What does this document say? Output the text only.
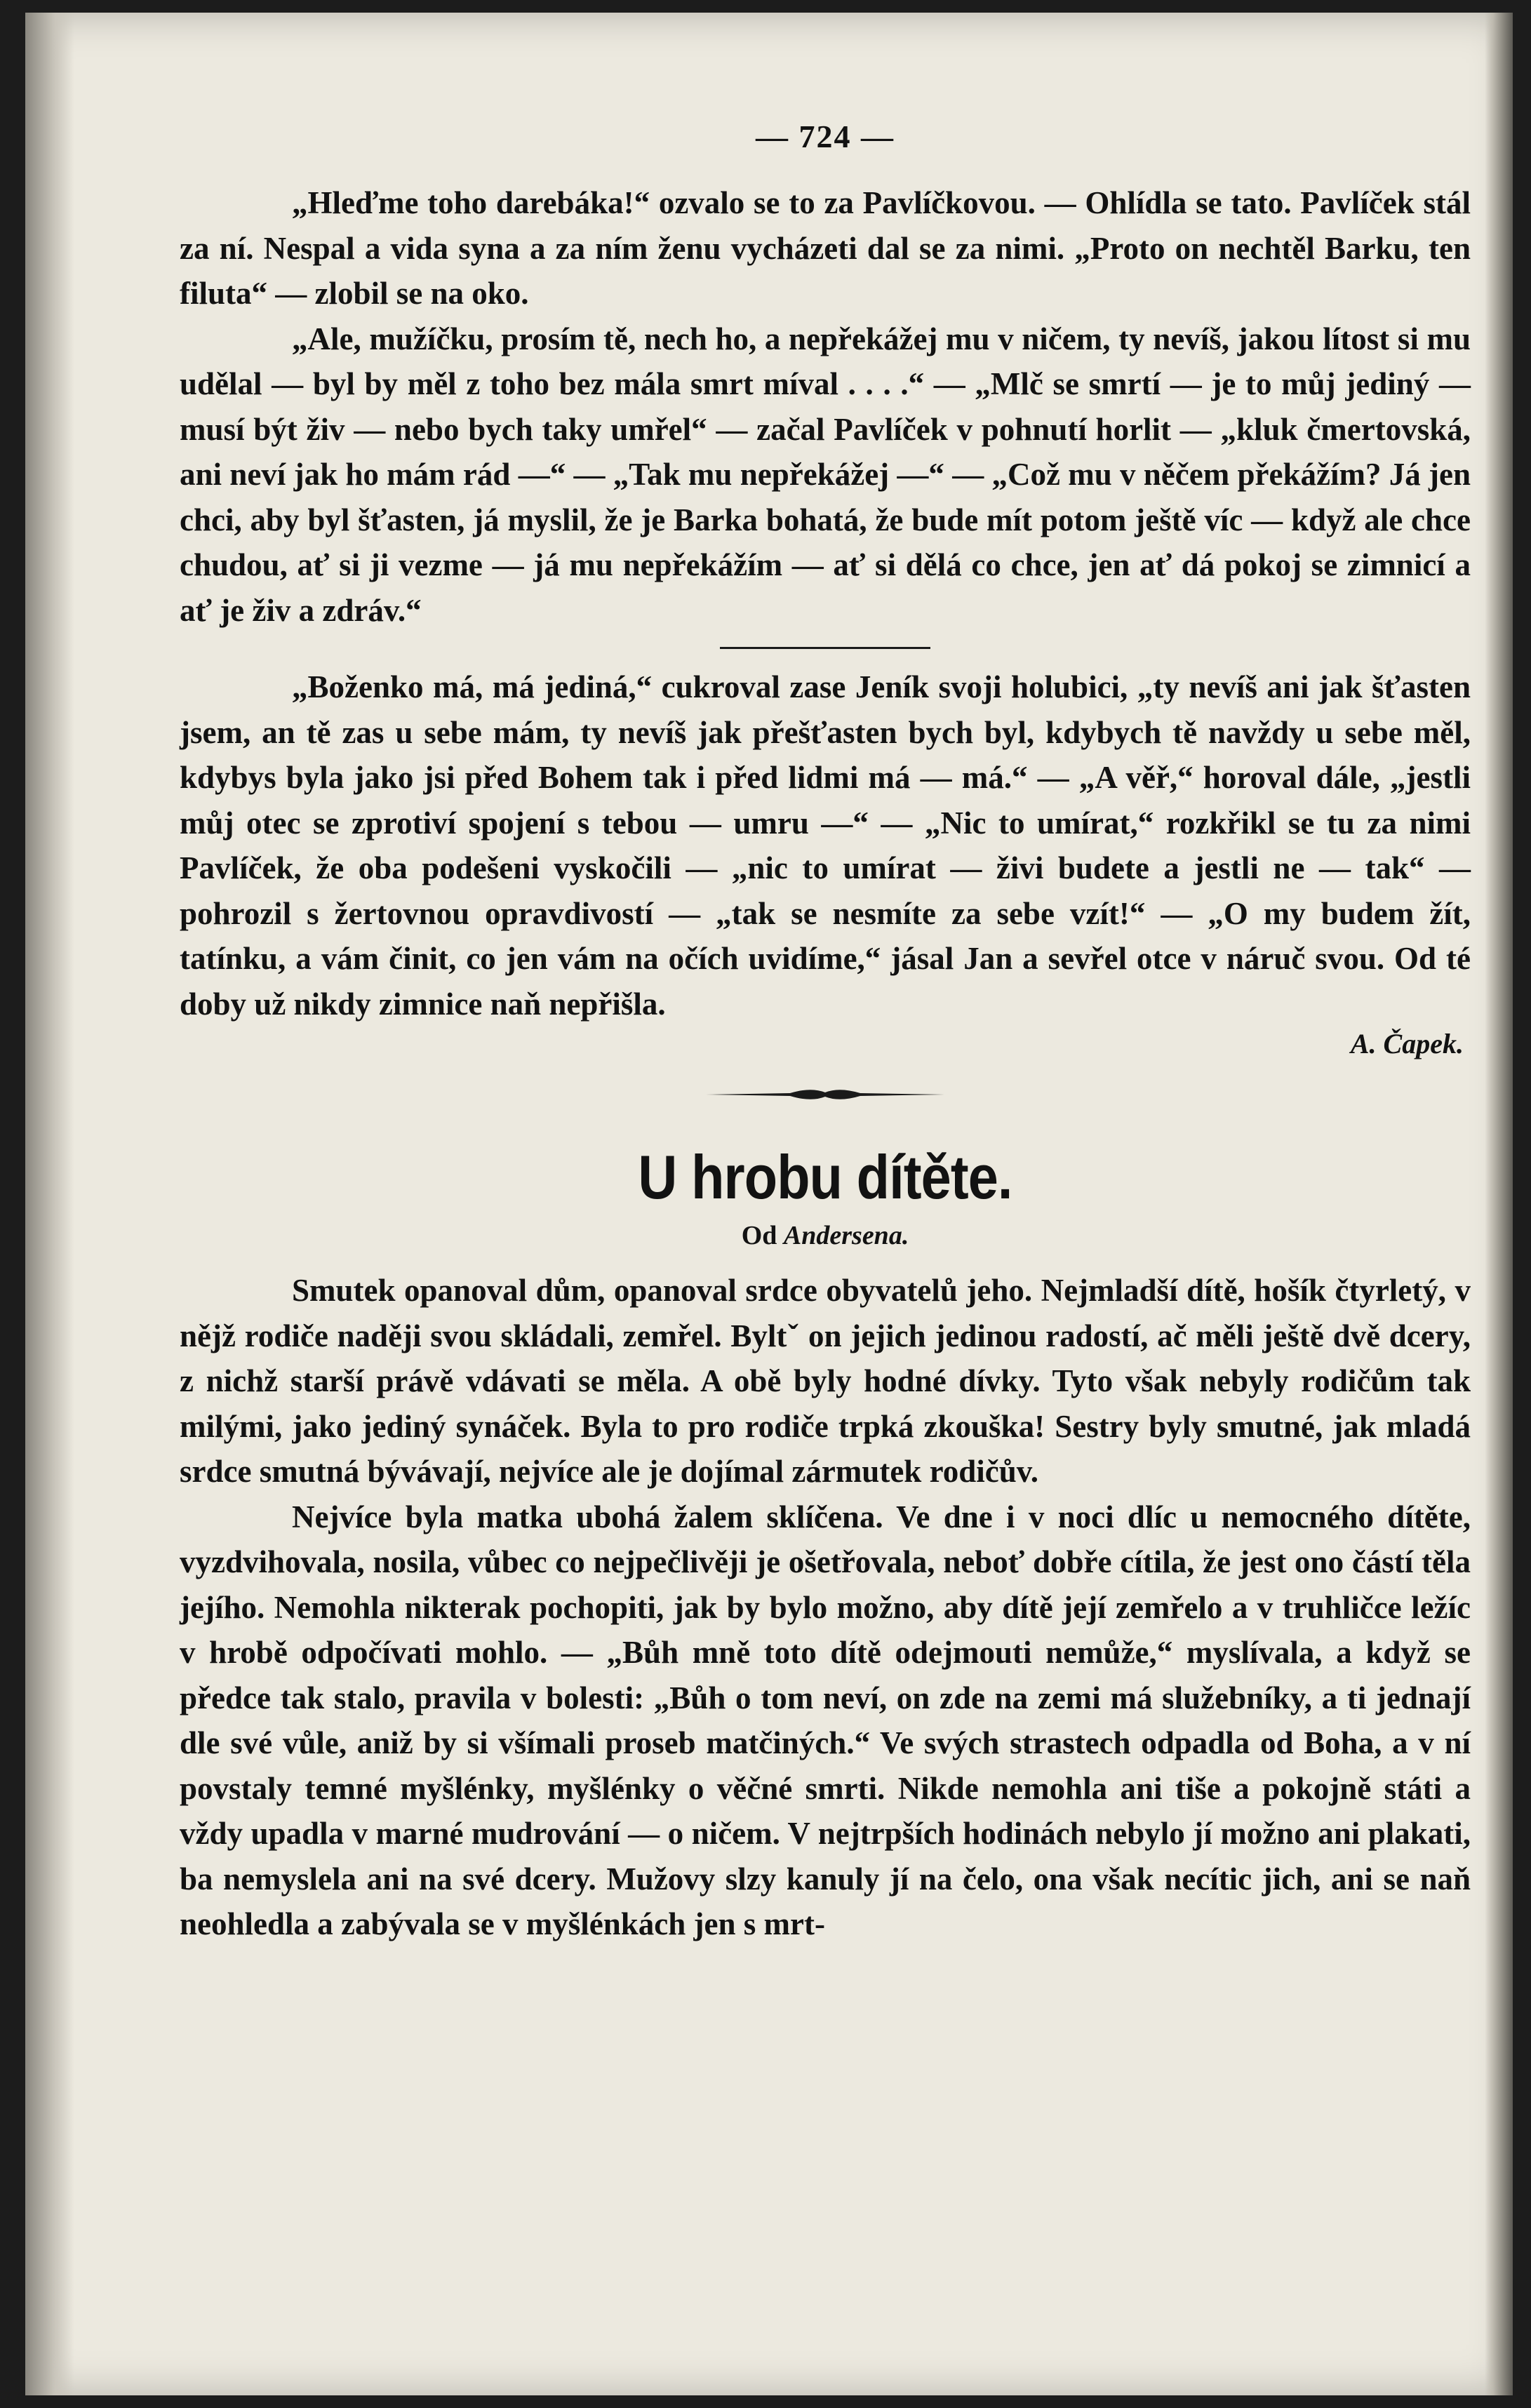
— 724 —

„Hleďme toho darebáka!“ ozvalo se to za Pavlíčkovou. — Ohlídla se tato. Pavlíček stál za ní. Nespal a vida syna a za ním ženu vycházeti dal se za nimi. „Proto on nechtěl Barku, ten filuta“ — zlobil se na oko.

„Ale, mužíčku, prosím tě, nech ho, a nepřekážej mu v ničem, ty nevíš, jakou lítost si mu udělal — byl by měl z toho bez mála smrt míval . . . .“ — „Mlč se smrtí — je to můj jediný — musí být živ — nebo bych taky umřel“ — začal Pavlíček v pohnutí horlit — „kluk čmertovská, ani neví jak ho mám rád —“ — „Tak mu nepřekážej —“ — „Což mu v něčem překážím? Já jen chci, aby byl šťasten, já myslil, že je Barka bohatá, že bude mít potom ještě víc — když ale chce chudou, ať si ji vezme — já mu nepřekážím — ať si dělá co chce, jen ať dá pokoj se zimnicí a ať je živ a zdráv.“

„Boženko má, má jediná,“ cukroval zase Jeník svoji holubici, „ty nevíš ani jak šťasten jsem, an tě zas u sebe mám, ty nevíš jak přešťasten bych byl, kdybych tě navždy u sebe měl, kdybys byla jako jsi před Bohem tak i před lidmi má — má.“ — „A věř,“ horoval dále, „jestli můj otec se zprotiví spojení s tebou — umru —“ — „Nic to umírat,“ rozkřikl se tu za nimi Pavlíček, že oba podešeni vyskočili — „nic to umírat — živi budete a jestli ne — tak“ — pohrozil s žertovnou opravdivostí — „tak se nesmíte za sebe vzít!“ — „O my budem žít, tatínku, a vám činit, co jen vám na očích uvidíme,“ jásal Jan a sevřel otce v náruč svou. Od té doby už nikdy zimnice naň nepřišla.

A. Čapek.
U hrobu dítěte.
Od Andersena.

Smutek opanoval dům, opanoval srdce obyvatelů jeho. Nejmladší dítě, hošík čtyrletý, v nějž rodiče naději svou skládali, zemřel. Byltˇ on jejich jedinou radostí, ač měli ještě dvě dcery, z nichž starší právě vdávati se měla. A obě byly hodné dívky. Tyto však nebyly rodičům tak milými, jako jediný synáček. Byla to pro rodiče trpká zkouška! Sestry byly smutné, jak mladá srdce smutná bývávají, nejvíce ale je dojímal zármutek rodičův.

Nejvíce byla matka ubohá žalem sklíčena. Ve dne i v noci dlíc u nemocného dítěte, vyzdvihovala, nosila, vůbec co nejpečlivěji je ošetřovala, neboť dobře cítila, že jest ono částí těla jejího. Nemohla nikterak pochopiti, jak by bylo možno, aby dítě její zemřelo a v truhličce ležíc v hrobě odpočívati mohlo. — „Bůh mně toto dítě odejmouti nemůže,“ myslívala, a když se předce tak stalo, pravila v bolesti: „Bůh o tom neví, on zde na zemi má služebníky, a ti jednají dle své vůle, aniž by si všímali proseb matčiných.“ Ve svých strastech odpadla od Boha, a v ní povstaly temné myšlénky, myšlénky o věčné smrti. Nikde nemohla ani tiše a pokojně státi a vždy upadla v marné mudrování — o ničem. V nejtrpších hodinách nebylo jí možno ani plakati, ba nemyslela ani na své dcery. Mužovy slzy kanuly jí na čelo, ona však necític jich, ani se naň neohledla a zabývala se v myšlénkách jen s mrt-
